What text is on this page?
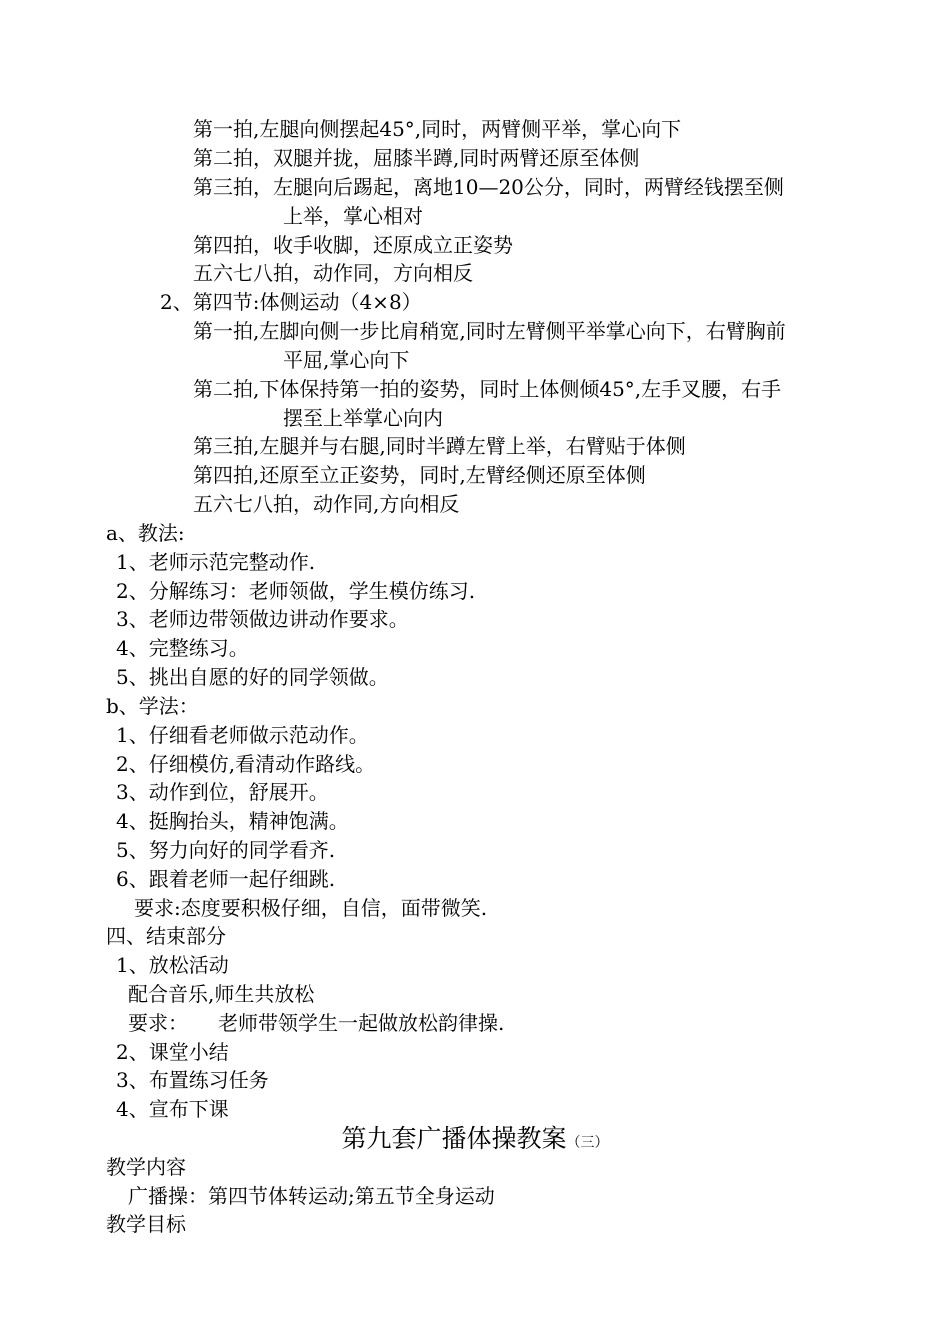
第一拍,左腿向侧摆起45°,同时，两臂侧平举，掌心向下
第二拍，双腿并拢，屈膝半蹲,同时两臂还原至体侧
第三拍，左腿向后踢起，离地10—20公分，同时，两臂经钱摆至侧
上举，掌心相对
第四拍，收手收脚，还原成立正姿势
五六七八拍，动作同，方向相反
2、第四节:体侧运动（4×8）
第一拍,左脚向侧一步比肩稍宽,同时左臂侧平举掌心向下，右臂胸前
平屈,掌心向下
第二拍,下体保持第一拍的姿势，同时上体侧倾45°,左手叉腰，右手
摆至上举掌心向内
第三拍,左腿并与右腿,同时半蹲左臂上举，右臂贴于体侧
第四拍,还原至立正姿势，同时,左臂经侧还原至体侧
五六七八拍，动作同,方向相反
a、教法:
1、老师示范完整动作.
2、分解练习：老师领做，学生模仿练习.
3、老师边带领做边讲动作要求。
4、完整练习。
5、挑出自愿的好的同学领做。
b、学法：
1、仔细看老师做示范动作。
2、仔细模仿,看清动作路线。
3、动作到位，舒展开。
4、挺胸抬头，精神饱满。
5、努力向好的同学看齐.
6、跟着老师一起仔细跳.
要求:态度要积极仔细，自信，面带微笑.
四、结束部分
1、放松活动
配合音乐,师生共放松
要求：　　老师带领学生一起做放松韵律操.
2、课堂小结
3、布置练习任务
4、宣布下课
第九套广播体操教案（三）
教学内容
广播操：第四节体转运动;第五节全身运动
教学目标
